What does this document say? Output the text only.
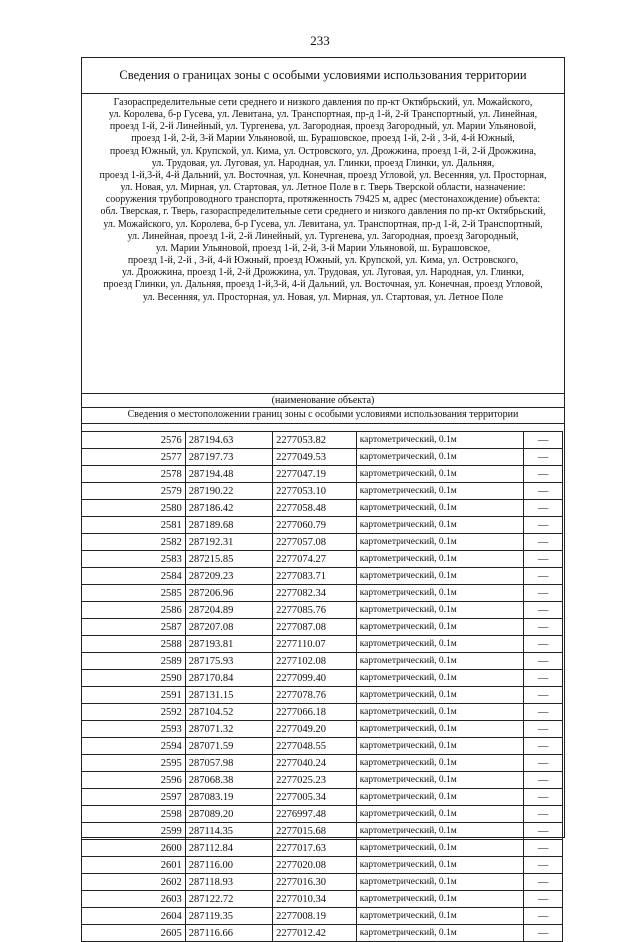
233
Сведения о границах зоны с особыми условиями использования территории
Газораспределительные сети среднего и низкого давления по пр-кт Октябрьский, ул. Можайского,
ул. Королева, б-р Гусева, ул. Левитана, ул. Транспортная, пр-д 1-й, 2-й Транспортный, ул. Линейная,
проезд 1-й, 2-й Линейный, ул. Тургенева, ул. Загородная, проезд Загородный, ул. Марии Ульяновой,
проезд 1-й, 2-й, 3-й Марии Ульяновой, ш. Бурашовское, проезд 1-й, 2-й , 3-й, 4-й Южный,
проезд Южный, ул. Крупской, ул. Кима, ул. Островского, ул. Дрожжина, проезд 1-й, 2-й Дрожжина,
ул. Трудовая, ул. Луговая, ул. Народная, ул. Глинки, проезд Глинки, ул. Дальняя,
проезд 1-й,3-й, 4-й Дальний, ул. Восточная, ул. Конечная, проезд Угловой, ул. Весенняя, ул. Просторная,
ул. Новая, ул. Мирная, ул. Стартовая, ул. Летное Поле в г. Тверь Тверской области, назначение:
сооружения трубопроводного транспорта, протяженность 79425 м, адрес (местонахождение) объекта:
обл. Тверская, г. Тверь, газораспределительные сети среднего и низкого давления по пр-кт Октябрьский,
ул. Можайского, ул. Королева, б-р Гусева, ул. Левитана, ул. Транспортная, пр-д 1-й, 2-й Транспортный,
ул. Линейная, проезд 1-й, 2-й Линейный, ул. Тургенева, ул. Загородная, проезд Загородный,
ул. Марии Ульяновой, проезд 1-й, 2-й, 3-й Марии Ульяновой, ш. Бурашовское,
проезд 1-й, 2-й , 3-й, 4-й Южный, проезд Южный, ул. Крупской, ул. Кима, ул. Островского,
ул. Дрожжина, проезд 1-й, 2-й Дрожжина, ул. Трудовая, ул. Луговая, ул. Народная, ул. Глинки,
проезд Глинки, ул. Дальняя, проезд 1-й,3-й, 4-й Дальний, ул. Восточная, ул. Конечная, проезд Угловой,
ул. Весенняя, ул. Просторная, ул. Новая, ул. Мирная, ул. Стартовая, ул. Летное Поле
(наименование объекта)
Сведения о местоположении границ зоны с особыми условиями использования территории
2576	287194.63	2277053.82	картометрический, 0.1м	—
2577	287197.73	2277049.53	картометрический, 0.1м	—
2578	287194.48	2277047.19	картометрический, 0.1м	—
2579	287190.22	2277053.10	картометрический, 0.1м	—
2580	287186.42	2277058.48	картометрический, 0.1м	—
2581	287189.68	2277060.79	картометрический, 0.1м	—
2582	287192.31	2277057.08	картометрический, 0.1м	—
2583	287215.85	2277074.27	картометрический, 0.1м	—
2584	287209.23	2277083.71	картометрический, 0.1м	—
2585	287206.96	2277082.34	картометрический, 0.1м	—
2586	287204.89	2277085.76	картометрический, 0.1м	—
2587	287207.08	2277087.08	картометрический, 0.1м	—
2588	287193.81	2277110.07	картометрический, 0.1м	—
2589	287175.93	2277102.08	картометрический, 0.1м	—
2590	287170.84	2277099.40	картометрический, 0.1м	—
2591	287131.15	2277078.76	картометрический, 0.1м	—
2592	287104.52	2277066.18	картометрический, 0.1м	—
2593	287071.32	2277049.20	картометрический, 0.1м	—
2594	287071.59	2277048.55	картометрический, 0.1м	—
2595	287057.98	2277040.24	картометрический, 0.1м	—
2596	287068.38	2277025.23	картометрический, 0.1м	—
2597	287083.19	2277005.34	картометрический, 0.1м	—
2598	287089.20	2276997.48	картометрический, 0.1м	—
2599	287114.35	2277015.68	картометрический, 0.1м	—
2600	287112.84	2277017.63	картометрический, 0.1м	—
2601	287116.00	2277020.08	картометрический, 0.1м	—
2602	287118.93	2277016.30	картометрический, 0.1м	—
2603	287122.72	2277010.34	картометрический, 0.1м	—
2604	287119.35	2277008.19	картометрический, 0.1м	—
2605	287116.66	2277012.42	картометрический, 0.1м	—
